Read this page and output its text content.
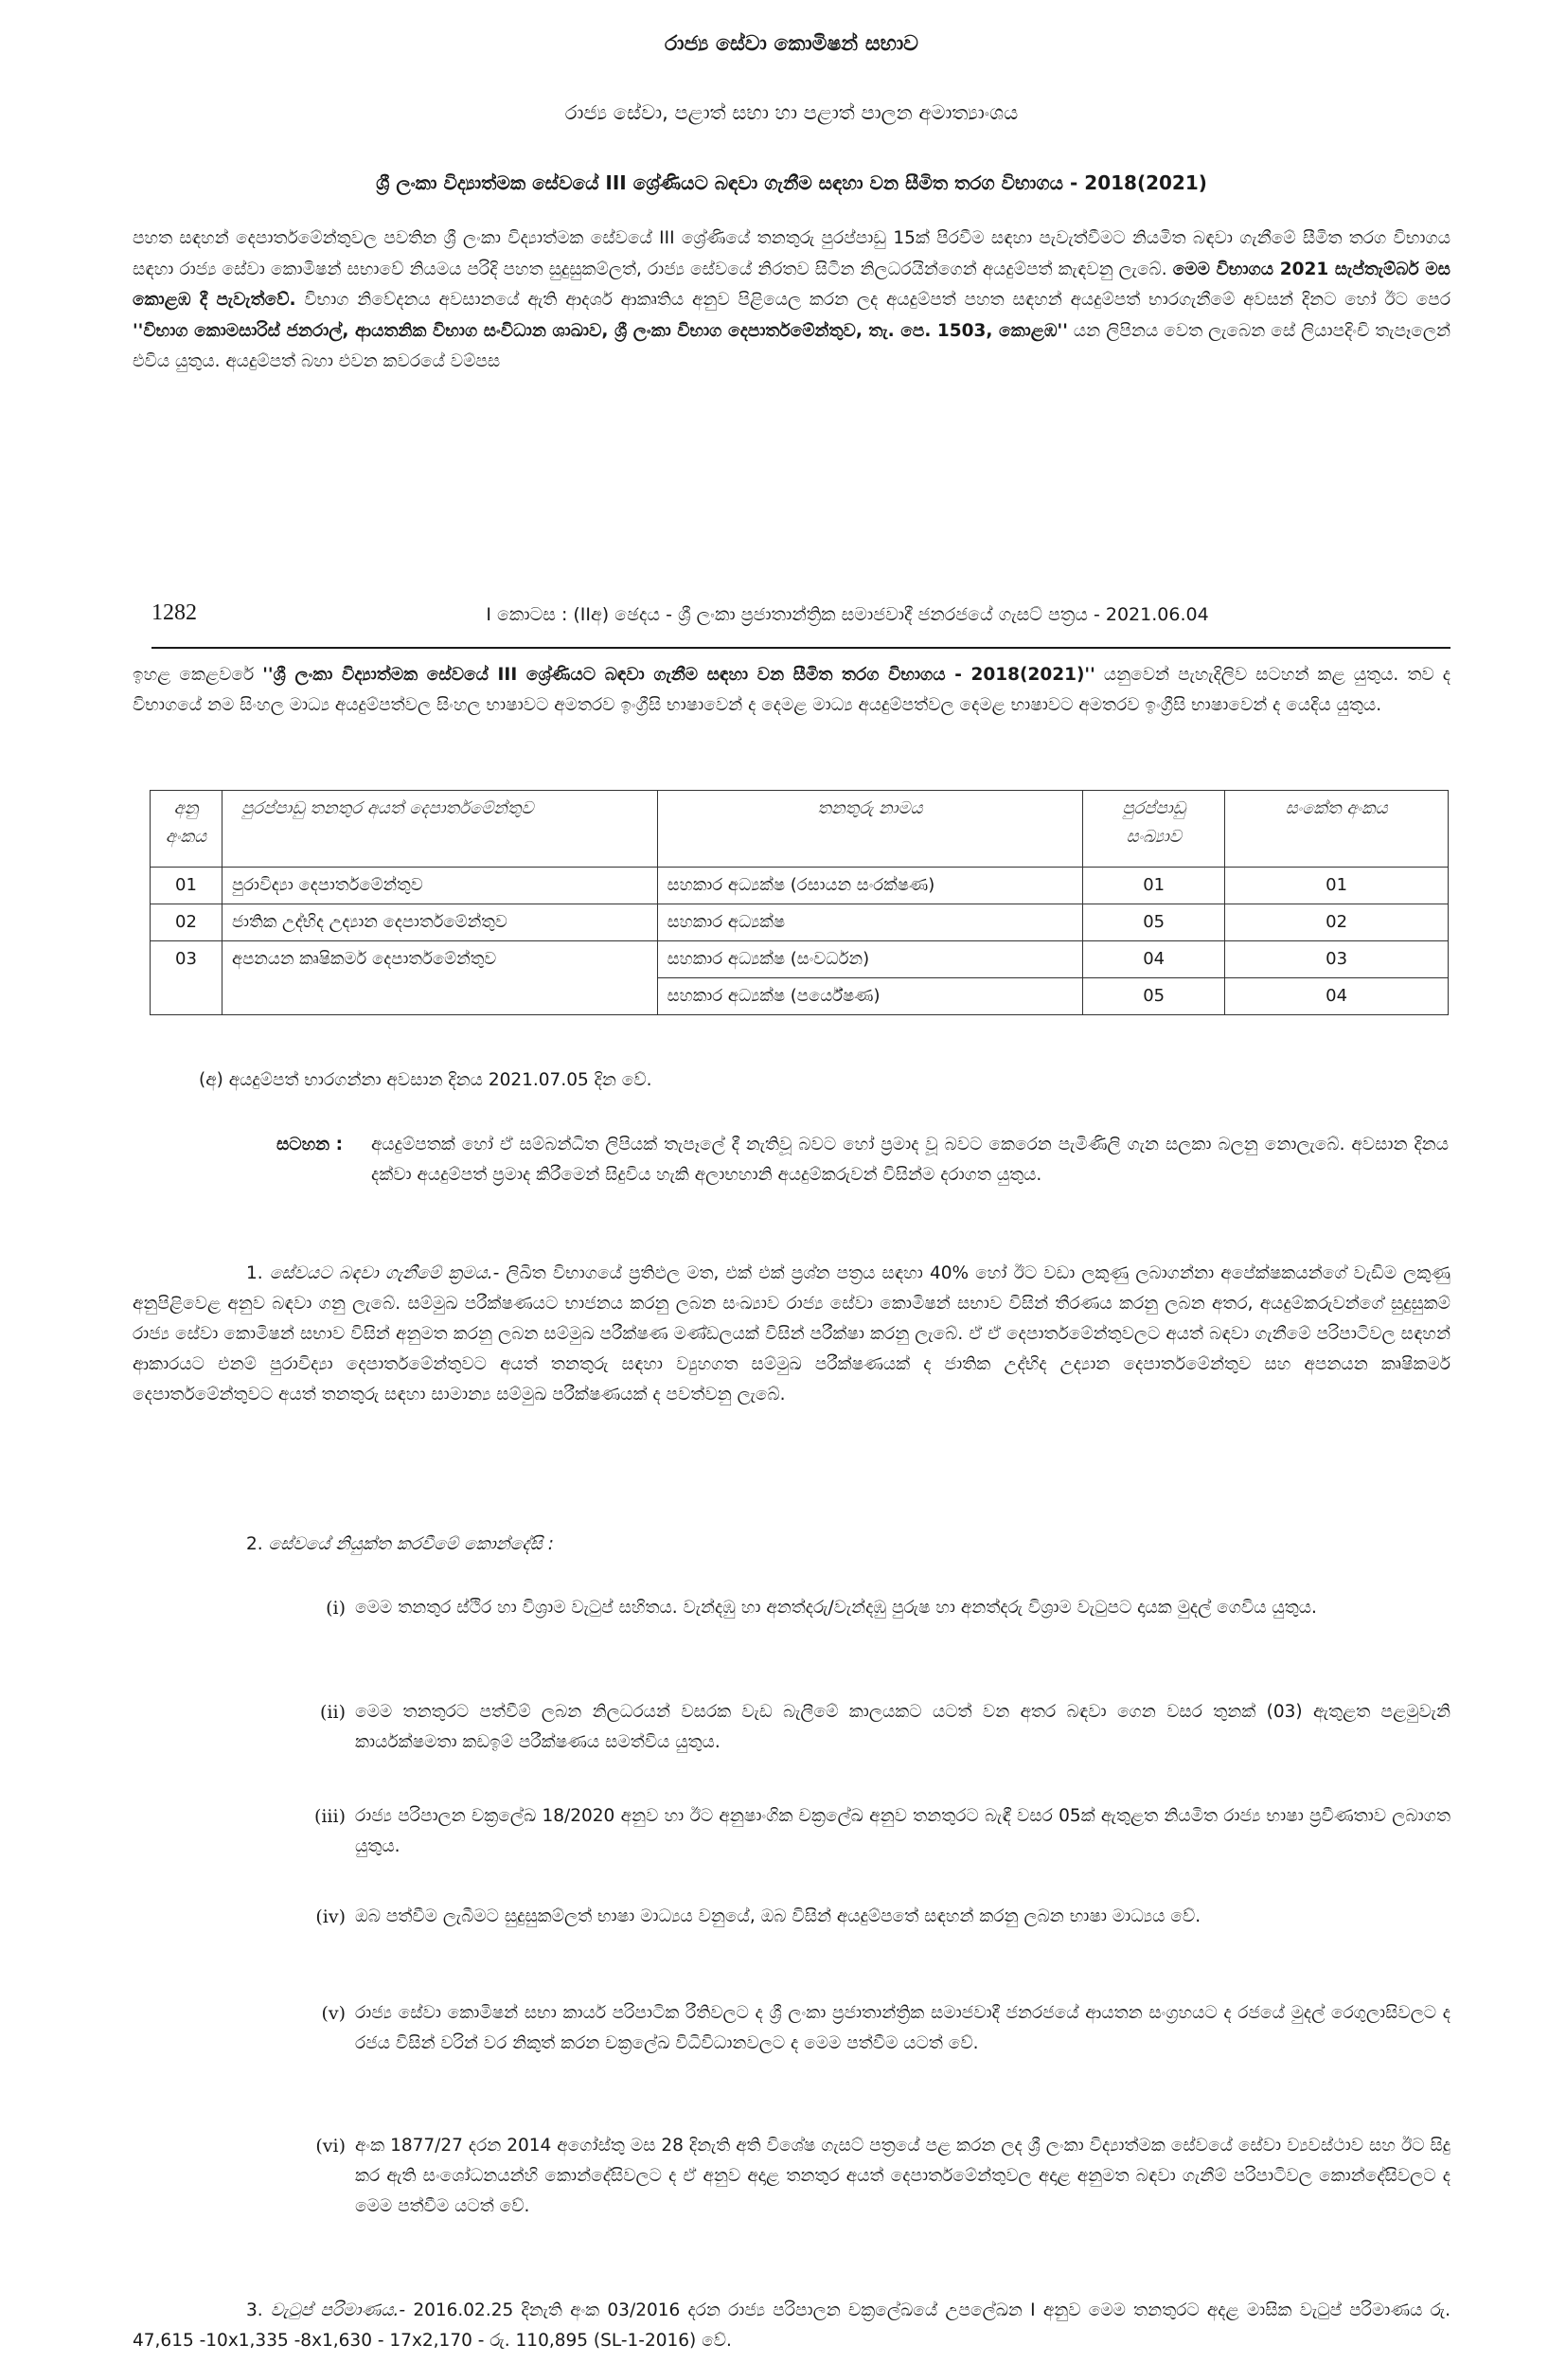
රාජ්‍ය සේවා කොමිෂන් සභාව
රාජ්‍ය සේවා, පළාත් සභා හා පළාත් පාලන අමාත්‍යාංශය
ශ්‍රී ලංකා විද්‍යාත්මක සේවයේ III ශ්‍රේණියට බඳවා ගැනීම සඳහා වන සීමිත තරග විභාගය - 2018(2021)

පහත සඳහන් දෙපාර්තමේන්තුවල පවතින ශ්‍රී ලංකා විද්‍යාත්මක සේවයේ III ශ්‍රේණියේ තනතුරු පුරප්පාඩු 15ක් පිරවීම සඳහා පැවැත්වීමට නියමිත බඳවා ගැනීමේ සීමිත තරග විභාගය සඳහා රාජ්‍ය සේවා කොමිෂන් සභාවේ නියමය පරිදි පහත සුදුසුකම්ලත්, රාජ්‍ය සේවයේ නිරතව සිටින නිලධරයින්ගෙන් අයදුම්පත් කැඳවනු ලැබේ. මෙම විභාගය 2021 සැප්තැම්බර් මස කොළඹ දී පැවැත්වේ. විභාග නිවේදනය අවසානයේ ඇති ආදර්ශ ආකෘතිය අනුව පිළියෙල කරන ලද අයදුම්පත් පහත සඳහන් අයදුම්පත් භාරගැනීමේ අවසන් දිනට හෝ ඊට පෙර ''විභාග කොමසාරිස් ජනරාල්, ආයතනික විභාග සංවිධාන ශාඛාව, ශ්‍රී ලංකා විභාග දෙපාර්තමේන්තුව, තැ. පෙ. 1503, කොළඹ'' යන ලිපිනය වෙත ලැබෙන සේ ලියාපදිංචි තැපෑලෙන් එවිය යුතුය. අයදුම්පත් බහා එවන කවරයේ වම්පස

1282	I කොටස : (IIඅ) ඡෙදය - ශ්‍රී ලංකා ප්‍රජාතාන්ත්‍රික සමාජවාදී ජනරජයේ ගැසට් පත්‍රය - 2021.06.04

ඉහළ කෙළවරේ ''ශ්‍රී ලංකා විද්‍යාත්මක සේවයේ III ශ්‍රේණියට බඳවා ගැනීම සඳහා වන සීමිත තරග විභාගය - 2018(2021)'' යනුවෙන් පැහැදිලිව සටහන් කළ යුතුය. තව ද විභාගයේ නම සිංහල මාධ්‍ය අයදුම්පත්වල සිංහල භාෂාවට අමතරව ඉංග්‍රීසි භාෂාවෙන් ද දෙමළ මාධ්‍ය අයදුම්පත්වල දෙමළ භාෂාවට අමතරව ඉංග්‍රීසි භාෂාවෙන් ද යෙදිය යුතුය.

අනු අංකය	පුරප්පාඩු තනතුර අයත් දෙපාර්තමේන්තුව	තනතුරු නාමය	පුරප්පාඩු සංඛ්‍යාව	සංකේත අංකය
01	පුරාවිද්‍යා දෙපාර්තමේන්තුව	සහකාර අධ්‍යක්ෂ (රසායන සංරක්ෂණ)	01	01
02	ජාතික උද්භිද උද්‍යාන දෙපාර්තමේන්තුව	සහකාර අධ්‍යක්ෂ	05	02
03	අපනයන කෘෂිකර්ම දෙපාර්තමේන්තුව	සහකාර අධ්‍යක්ෂ (සංවර්ධන)	04	03
		සහකාර අධ්‍යක්ෂ (පර්යේෂණ)	05	04

(අ) අයදුම්පත් භාරගන්නා අවසාන දිනය 2021.07.05 දින වේ.

සටහන : අයදුම්පතක් හෝ ඒ සම්බන්ධිත ලිපියක් තැපෑලේ දී නැතිවූ බවට හෝ ප්‍රමාද වූ බවට කෙරෙන පැමිණිලි ගැන සලකා බලනු නොලැබේ. අවසාන දිනය දක්වා අයදුම්පත් ප්‍රමාද කිරීමෙන් සිදුවිය හැකි අලාභහානි අයදුම්කරුවන් විසින්ම දරාගත යුතුය.

1. සේවයට බඳවා ගැනීමේ ක්‍රමය.- ලිඛිත විභාගයේ ප්‍රතිඵල මත, එක් එක් ප්‍රශ්න පත්‍රය සඳහා 40% හෝ ඊට වඩා ලකුණු ලබාගන්නා අපේක්ෂකයන්ගේ වැඩිම ලකුණු අනුපිළිවෙළ අනුව බඳවා ගනු ලැබේ. සම්මුඛ පරීක්ෂණයට භාජනය කරනු ලබන සංඛ්‍යාව රාජ්‍ය සේවා කොමිෂන් සභාව විසින් තීරණය කරනු ලබන අතර, අයදුම්කරුවන්ගේ සුදුසුකම් රාජ්‍ය සේවා කොමිෂන් සභාව විසින් අනුමත කරනු ලබන සම්මුඛ පරීක්ෂණ මණ්ඩලයක් විසින් පරීක්ෂා කරනු ලැබේ. ඒ ඒ දෙපාර්තමේන්තුවලට අයත් බඳවා ගැනීමේ පරිපාටිවල සඳහන් ආකාරයට එනම් පුරාවිද්‍යා දෙපාර්තමේන්තුවට අයත් තනතුරු සඳහා ව්‍යුහගත සම්මුඛ පරීක්ෂණයක් ද ජාතික උද්භිද උද්‍යාන දෙපාර්තමේන්තුව සහ අපනයන කෘෂිකර්ම දෙපාර්තමේන්තුවට අයත් තනතුරු සඳහා සාමාන්‍ය සම්මුඛ පරීක්ෂණයක් ද පවත්වනු ලැබේ.

2. සේවයේ නියුක්ත කරවීමේ කොන්දේසි :

(i) මෙම තනතුර ස්ථිර හා විශ්‍රාම වැටුප් සහිතය. වැන්දඹු හා අනත්දරු/වැන්දඹු පුරුෂ හා අනත්දරු විශ්‍රාම වැටුපට දායක මුදල් ගෙවිය යුතුය.

(ii) මෙම තනතුරට පත්වීම් ලබන නිලධරයන් වසරක වැඩ බැලීමේ කාලයකට යටත් වන අතර බඳවා ගෙන වසර තුනක් (03) ඇතුළත පළමුවැනි කාර්යක්ෂමතා කඩඉම් පරීක්ෂණය සමත්විය යුතුය.

(iii) රාජ්‍ය පරිපාලන චක්‍රලේඛ 18/2020 අනුව හා ඊට අනුෂාංගික චක්‍රලේඛ අනුව තනතුරට බැඳී වසර 05ක් ඇතුළත නියමිත රාජ්‍ය භාෂා ප්‍රවීණතාව ලබාගත යුතුය.

(iv) ඔබ පත්වීම ලැබීමට සුදුසුකම්ලත් භාෂා මාධ්‍යය වනුයේ, ඔබ විසින් අයදුම්පතේ සඳහන් කරනු ලබන භාෂා මාධ්‍යය වේ.

(v) රාජ්‍ය සේවා කොමිෂන් සභා කාර්ය පරිපාටික රීතිවලට ද ශ්‍රී ලංකා ප්‍රජාතාන්ත්‍රික සමාජවාදී ජනරජයේ ආයතන සංග්‍රහයට ද රජයේ මුදල් රෙගුලාසිවලට ද රජය විසින් වරින් වර නිකුත් කරන චක්‍රලේඛ විධිවිධානවලට ද මෙම පත්වීම යටත් වේ.

(vi) අංක 1877/27 දරන 2014 අගෝස්තු මස 28 දිනැති අති විශේෂ ගැසට් පත්‍රයේ පළ කරන ලද ශ්‍රී ලංකා විද්‍යාත්මක සේවයේ සේවා ව්‍යවස්ථාව සහ ඊට සිදු කර ඇති සංශෝධනයන්හි කොන්දේසිවලට ද ඒ අනුව අදාළ තනතුර අයත් දෙපාර්තමේන්තුවල අදාළ අනුමත බඳවා ගැනීම් පරිපාටිවල කොන්දේසිවලට ද මෙම පත්වීම යටත් වේ.

3. වැටුප් පරිමාණය.- 2016.02.25 දිනැති අංක 03/2016 දරන රාජ්‍ය පරිපාලන චක්‍රලේඛයේ උපලේඛන I අනුව මෙම තනතුරට අදළ මාසික වැටුප් පරිමාණය රු. 47,615 -10x1,335 -8x1,630 - 17x2,170 - රු. 110,895 (SL-1-2016) වේ.
